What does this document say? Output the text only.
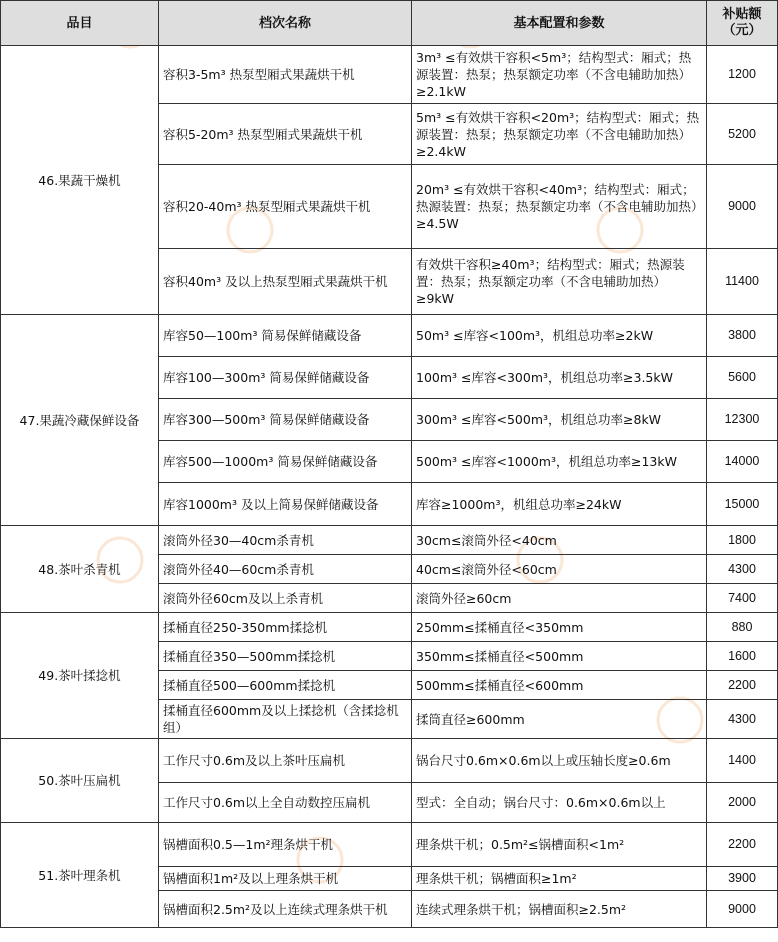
品目	档次名称	基本配置和参数	补贴额
（元）
46.果蔬干燥机	容积3-5m³ 热泵型厢式果蔬烘干机	3m³ ≤有效烘干容积<5m³；结构型式：厢式；热源装置：热泵；热泵额定功率（不含电辅助加热）≥2.1kW	1200
	容积5-20m³ 热泵型厢式果蔬烘干机	5m³ ≤有效烘干容积<20m³；结构型式：厢式；热源装置：热泵；热泵额定功率（不含电辅助加热）≥2.4kW	5200
	容积20-40m³ 热泵型厢式果蔬烘干机	20m³ ≤有效烘干容积<40m³；结构型式：厢式；热源装置：热泵；热泵额定功率（不含电辅助加热）≥4.5W	9000
	容积40m³ 及以上热泵型厢式果蔬烘干机	有效烘干容积≥40m³；结构型式：厢式；热源装置：热泵；热泵额定功率（不含电辅助加热）≥9kW	11400
47.果蔬冷藏保鲜设备	库容50—100m³ 简易保鲜储藏设备	50m³ ≤库容<100m³，机组总功率≥2kW	3800
	库容100—300m³ 简易保鲜储藏设备	100m³ ≤库容<300m³，机组总功率≥3.5kW	5600
	库容300—500m³ 简易保鲜储藏设备	300m³ ≤库容<500m³，机组总功率≥8kW	12300
	库容500—1000m³ 简易保鲜储藏设备	500m³ ≤库容<1000m³，机组总功率≥13kW	14000
	库容1000m³ 及以上简易保鲜储藏设备	库容≥1000m³，机组总功率≥24kW	15000
48.茶叶杀青机	滚筒外径30—40cm杀青机	30cm≤滚筒外径<40cm	1800
	滚筒外径40—60cm杀青机	40cm≤滚筒外径<60cm	4300
	滚筒外径60cm及以上杀青机	滚筒外径≥60cm	7400
49.茶叶揉捻机	揉桶直径250-350mm揉捻机	250mm≤揉桶直径<350mm	880
	揉桶直径350—500mm揉捻机	350mm≤揉桶直径<500mm	1600
	揉桶直径500—600mm揉捻机	500mm≤揉桶直径<600mm	2200
	揉桶直径600mm及以上揉捻机（含揉捻机组）	揉筒直径≥600mm	4300
50.茶叶压扁机	工作尺寸0.6m及以上茶叶压扁机	锅台尺寸0.6m×0.6m以上或压轴长度≥0.6m	1400
	工作尺寸0.6m以上全自动数控压扁机	型式：全自动；锅台尺寸：0.6m×0.6m以上	2000
51.茶叶理条机	锅槽面积0.5—1m²理条烘干机	理条烘干机；0.5m²≤锅槽面积<1m²	2200
	锅槽面积1m²及以上理条烘干机	理条烘干机；锅槽面积≥1m²	3900
	锅槽面积2.5m²及以上连续式理条烘干机	连续式理条烘干机；锅槽面积≥2.5m²	9000
